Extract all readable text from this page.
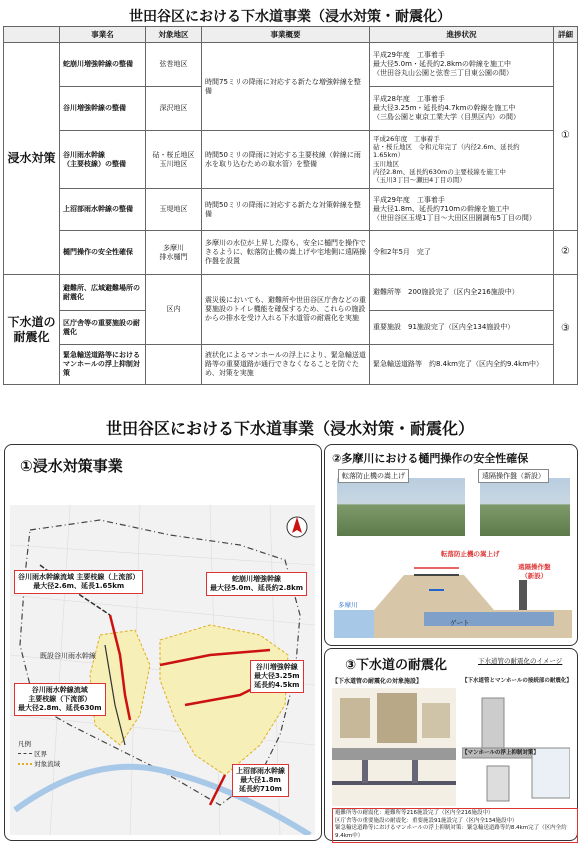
世田谷区における下水道事業（浸水対策・耐震化）
	事業名	対象地区	事業概要	進捗状況	詳細
浸水対策	蛇崩川増強幹線の整備	弦巻地区	時間75ミリの降雨に対応する新たな増強幹線を整備	平成29年度　工事着手
最大径5.0m・延長約2.8kmの幹線を施工中
（世田谷丸山公園と弦巻三丁目東公園の間）	①
	谷川増強幹線の整備	深沢地区		平成28年度　工事着手
最大径3.25m・延長約4.7kmの幹線を施工中
（三島公園と東京工業大学（目黒区内）の間）	
	谷川雨水幹線
（主要枝線）の整備	砧・桜丘地区
玉川地区	時間50ミリの降雨に対応する主要枝線（幹線に雨水を取り込むための取水管）を整備	平成26年度　工事着手
砧・桜丘地区　令和元年完了（内径2.6m、延長約1.65km）
玉川地区
内径2.8m、延長約630mの主要枝線を施工中
（玉川3丁目～瀬田4丁目の間）	
	上沼部雨水幹線の整備	玉堤地区	時間50ミリの降雨に対応する新たな対策幹線を整備	平成29年度　工事着手
最大径1.8m、延長約710mの幹線を施工中
（世田谷区玉堤1丁目～大田区田園調布5丁目の間）	
	樋門操作の安全性確保	多摩川
排水樋門	多摩川の水位が上昇した際も、安全に樋門を操作できるように、転落防止機の嵩上げや宅地側に遠隔操作盤を設置	令和2年5月　完了	②
下水道の
耐震化	避難所、広域避難場所の耐震化	区内	震災後においても、避難所や世田谷区庁舎などの重要施設のトイレ機能を確保するため、これらの施設からの排水を受け入れる下水道管の耐震化を実施	避難所等　200施設完了（区内全216施設中）	③
	区庁舎等の重要施設の耐震化			重要施設　91施設完了（区内全134施設中）	
	緊急輸送道路等における マンホールの浮上抑制対策		液状化によるマンホールの浮上により、緊急輸送道路等の重要道路が通行できなくなることを防ぐため、対策を実施	緊急輸送道路等　約8.4km完了（区内全約9.4km中）	
世田谷区における下水道事業（浸水対策・耐震化）
①浸水対策事業
谷川雨水幹線流域 主要枝線（上流部）
最大径2.6m、延長1.65km
蛇崩川増強幹線
最大径5.0m、延長約2.8km
既設谷川雨水幹線
谷川雨水幹線流域
主要枝線（下流部）
最大径2.8m、延長630m
谷川増強幹線
最大径3.25m
延長約4.5km
上沼部雨水幹線
最大径1.8m
延長約710m
凡例
区界
対象流域
②多摩川における樋門操作の安全性確保
転落防止機の嵩上げ	遠隔操作盤（新設）
転落防止機の嵩上げ
遠隔操作盤
（新設）
ゲート
多摩川
③下水道の耐震化	下水道管の耐震化のイメージ
【下水道管の耐震化の対象施設】	【下水道管とマンホールの接続部の耐震化】
【マンホールの浮上抑制対策】
避難所等の耐震化：避難所等216施設完了（区内全216施設中）
区庁舎等の重要施設の耐震化：重要施設91施設完了（区内全134施設中）
緊急輸送道路等におけるマンホールの浮上抑制対策：緊急輸送道路等約8.4km完了（区内全約9.4km中）
